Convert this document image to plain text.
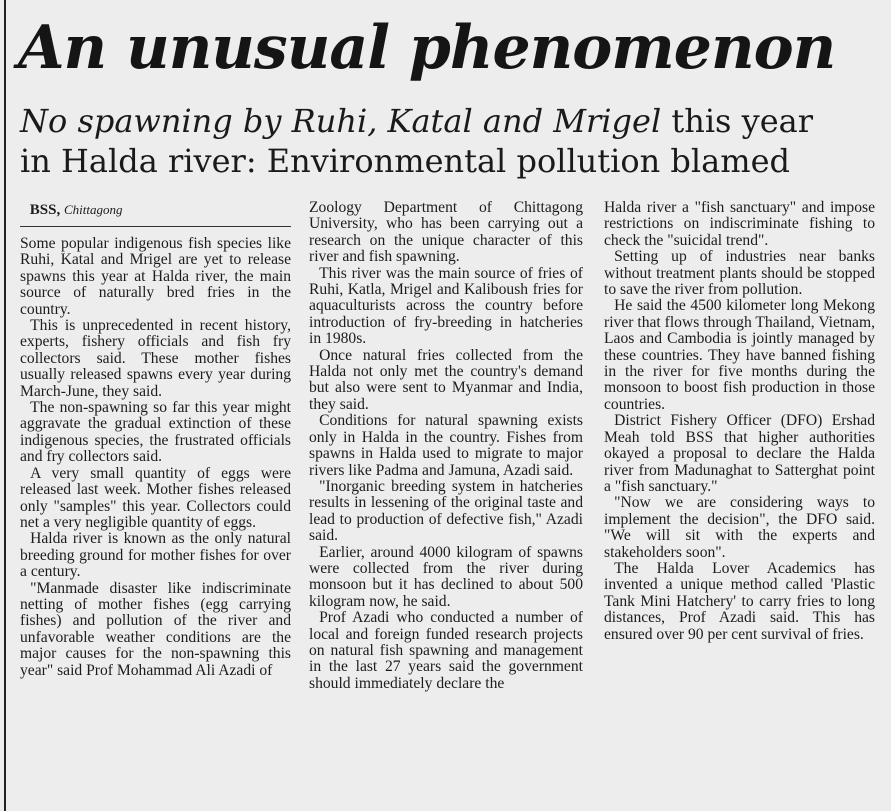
An unusual phenomenon
No spawning by Ruhi, Katal and Mrigel this year
in Halda river: Environmental pollution blamed

BSS, Chittagong

Some popular indigenous fish species like Ruhi, Katal and Mrigel are yet to release spawns this year at Halda river, the main source of naturally bred fries in the country.

This is unprecedented in recent history, experts, fishery officials and fish fry collectors said. These mother fishes usually released spawns every year during March-June, they said.

The non-spawning so far this year might aggravate the gradual extinction of these indigenous species, the frustrated officials and fry collectors said.

A very small quantity of eggs were released last week. Mother fishes released only "samples" this year. Collectors could net a very negligible quantity of eggs.

Halda river is known as the only natural breeding ground for mother fishes for over a century.

"Manmade disaster like indiscriminate netting of mother fishes (egg carrying fishes) and pollution of the river and unfavorable weather conditions are the major causes for the non-spawning this year" said Prof Mohammad Ali Azadi of

Zoology Department of Chittagong University, who has been carrying out a research on the unique character of this river and fish spawning.

This river was the main source of fries of Ruhi, Katla, Mrigel and Kaliboush fries for aquaculturists across the country before introduction of fry-breeding in hatcheries in 1980s.

Once natural fries collected from the Halda not only met the country's demand but also were sent to Myanmar and India, they said.

Conditions for natural spawning exists only in Halda in the country. Fishes from spawns in Halda used to migrate to major rivers like Padma and Jamuna, Azadi said.

"Inorganic breeding system in hatcheries results in lessening of the original taste and lead to production of defective fish," Azadi said.

Earlier, around 4000 kilogram of spawns were collected from the river during monsoon but it has declined to about 500 kilogram now, he said.

Prof Azadi who conducted a number of local and foreign funded research projects on natural fish spawning and management in the last 27 years said the government should immediately declare the

Halda river a "fish sanctuary" and impose restrictions on indiscriminate fishing to check the "suicidal trend".

Setting up of industries near banks without treatment plants should be stopped to save the river from pollution.

He said the 4500 kilometer long Mekong river that flows through Thailand, Vietnam, Laos and Cambodia is jointly managed by these countries. They have banned fishing in the river for five months during the monsoon to boost fish production in those countries.

District Fishery Officer (DFO) Ershad Meah told BSS that higher authorities okayed a proposal to declare the Halda river from Madunaghat to Satterghat point a "fish sanctuary."

"Now we are considering ways to implement the decision", the DFO said. "We will sit with the experts and stakeholders soon".

The Halda Lover Academics has invented a unique method called 'Plastic Tank Mini Hatchery' to carry fries to long distances, Prof Azadi said. This has ensured over 90 per cent survival of fries.
